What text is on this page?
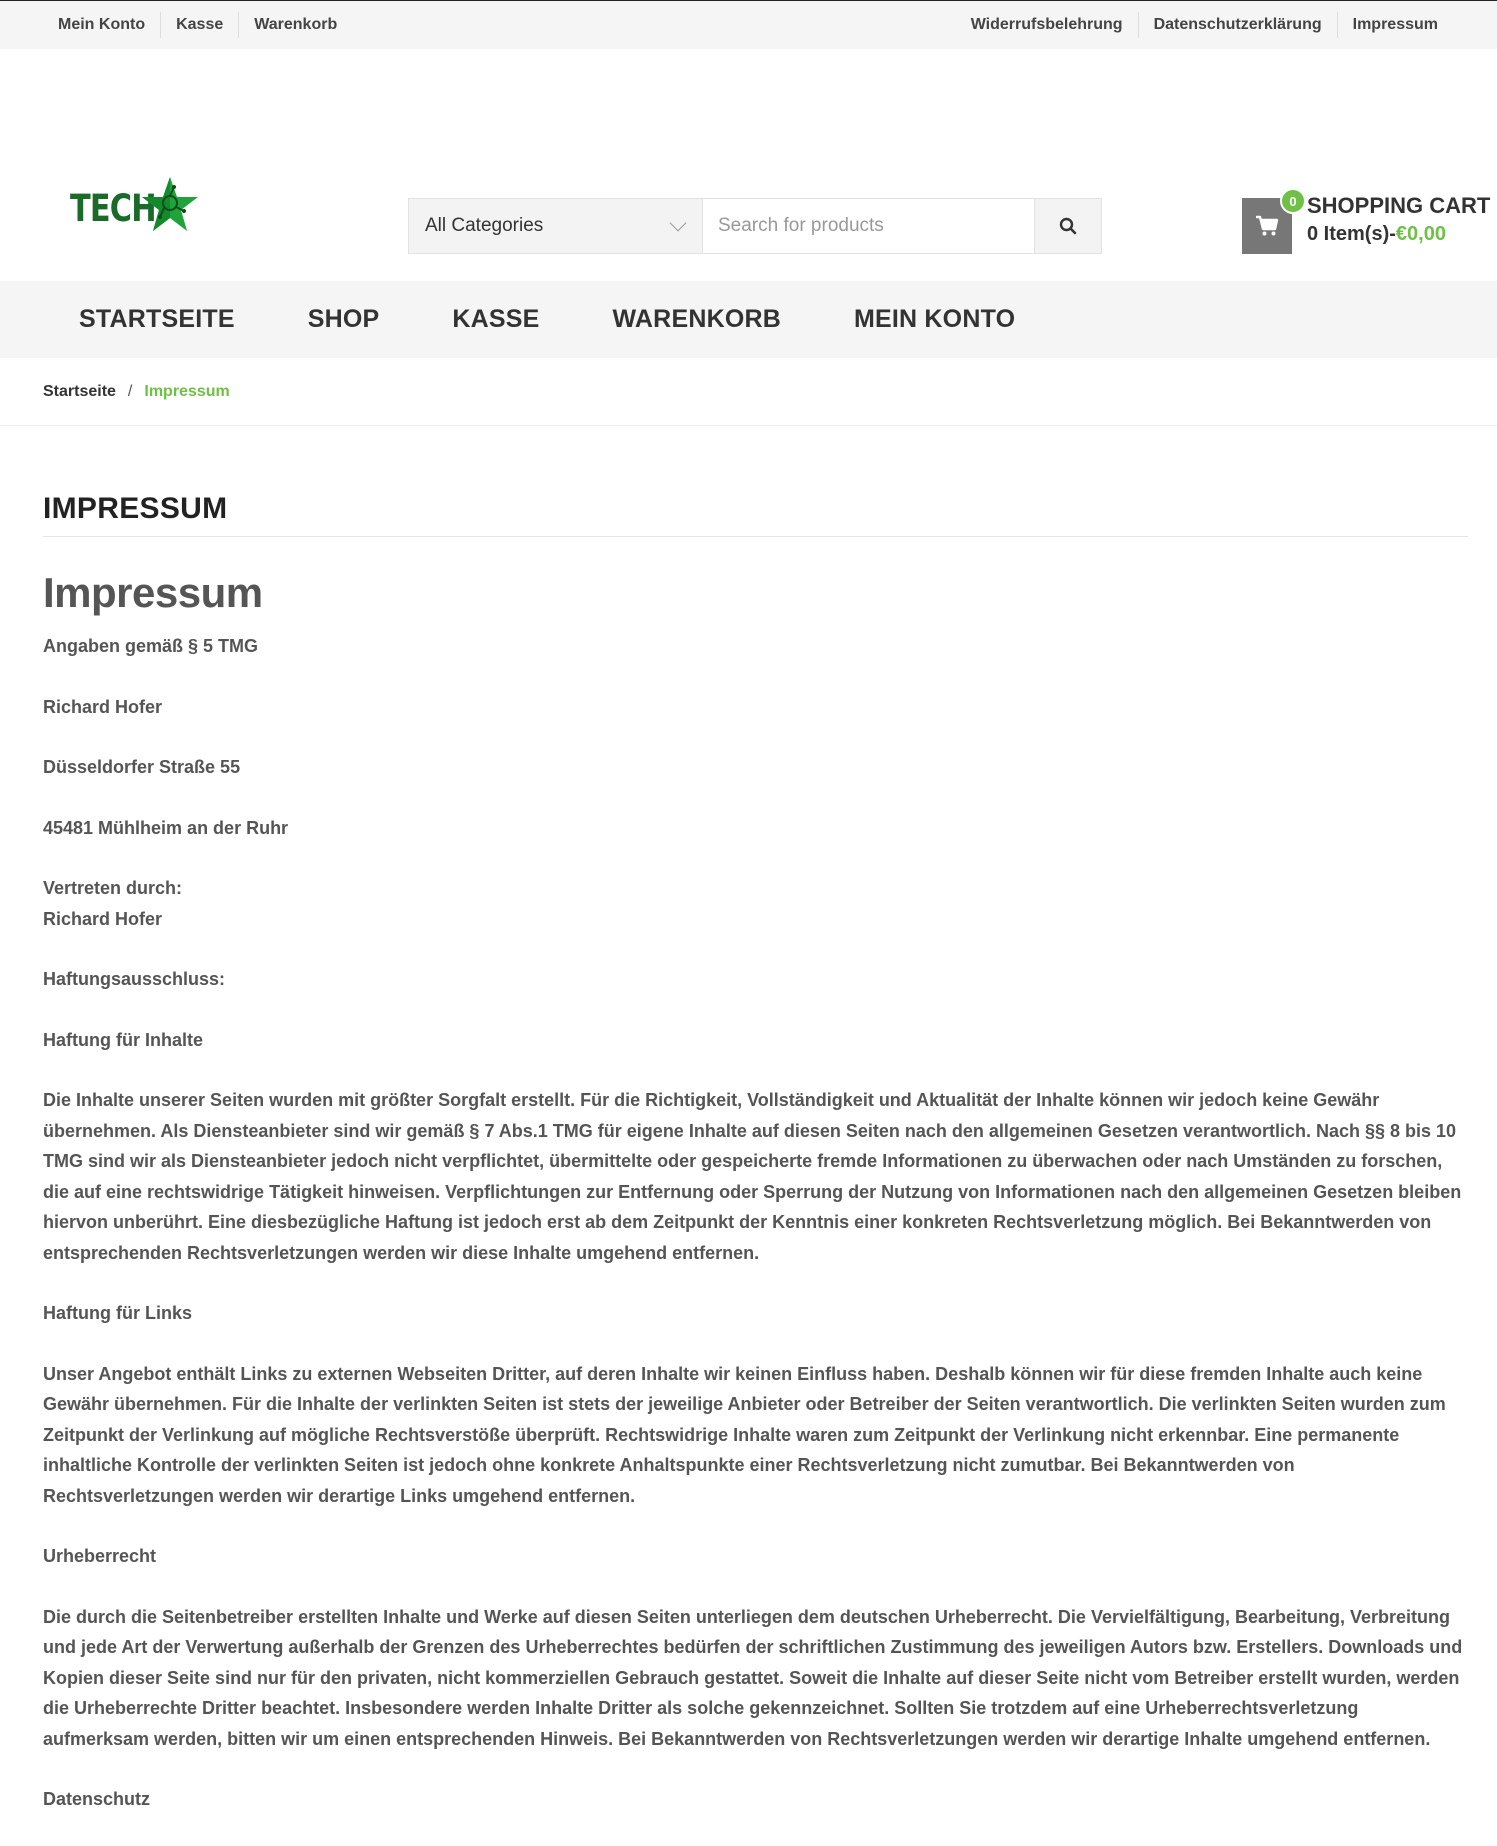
Mein Konto	Kasse	Warenkorb	Widerrufsbelehrung	Datenschutzerklärung	Impressum
TECH	All Categories
Search for products
0 SHOPPING CART
0 Item(s)-€0,00
STARTSEITE	SHOP	KASSE	WARENKORB	MEIN KONTO
Startseite / Impressum
IMPRESSUM
Impressum

Angaben gemäß § 5 TMG

Richard Hofer

Düsseldorfer Straße 55

45481 Mühlheim an der Ruhr

Vertreten durch:
Richard Hofer

Haftungsausschluss:

Haftung für Inhalte

Die Inhalte unserer Seiten wurden mit größter Sorgfalt erstellt. Für die Richtigkeit, Vollständigkeit und Aktualität der Inhalte können wir jedoch keine Gewähr übernehmen. Als Diensteanbieter sind wir gemäß § 7 Abs.1 TMG für eigene Inhalte auf diesen Seiten nach den allgemeinen Gesetzen verantwortlich. Nach §§ 8 bis 10 TMG sind wir als Diensteanbieter jedoch nicht verpflichtet, übermittelte oder gespeicherte fremde Informationen zu überwachen oder nach Umständen zu forschen, die auf eine rechtswidrige Tätigkeit hinweisen. Verpflichtungen zur Entfernung oder Sperrung der Nutzung von Informationen nach den allgemeinen Gesetzen bleiben hiervon unberührt. Eine diesbezügliche Haftung ist jedoch erst ab dem Zeitpunkt der Kenntnis einer konkreten Rechtsverletzung möglich. Bei Bekanntwerden von entsprechenden Rechtsverletzungen werden wir diese Inhalte umgehend entfernen.

Haftung für Links

Unser Angebot enthält Links zu externen Webseiten Dritter, auf deren Inhalte wir keinen Einfluss haben. Deshalb können wir für diese fremden Inhalte auch keine Gewähr übernehmen. Für die Inhalte der verlinkten Seiten ist stets der jeweilige Anbieter oder Betreiber der Seiten verantwortlich. Die verlinkten Seiten wurden zum Zeitpunkt der Verlinkung auf mögliche Rechtsverstöße überprüft. Rechtswidrige Inhalte waren zum Zeitpunkt der Verlinkung nicht erkennbar. Eine permanente inhaltliche Kontrolle der verlinkten Seiten ist jedoch ohne konkrete Anhaltspunkte einer Rechtsverletzung nicht zumutbar. Bei Bekanntwerden von Rechtsverletzungen werden wir derartige Links umgehend entfernen.

Urheberrecht

Die durch die Seitenbetreiber erstellten Inhalte und Werke auf diesen Seiten unterliegen dem deutschen Urheberrecht. Die Vervielfältigung, Bearbeitung, Verbreitung und jede Art der Verwertung außerhalb der Grenzen des Urheberrechtes bedürfen der schriftlichen Zustimmung des jeweiligen Autors bzw. Erstellers. Downloads und Kopien dieser Seite sind nur für den privaten, nicht kommerziellen Gebrauch gestattet. Soweit die Inhalte auf dieser Seite nicht vom Betreiber erstellt wurden, werden die Urheberrechte Dritter beachtet. Insbesondere werden Inhalte Dritter als solche gekennzeichnet. Sollten Sie trotzdem auf eine Urheberrechtsverletzung aufmerksam werden, bitten wir um einen entsprechenden Hinweis. Bei Bekanntwerden von Rechtsverletzungen werden wir derartige Inhalte umgehend entfernen.

Datenschutz
